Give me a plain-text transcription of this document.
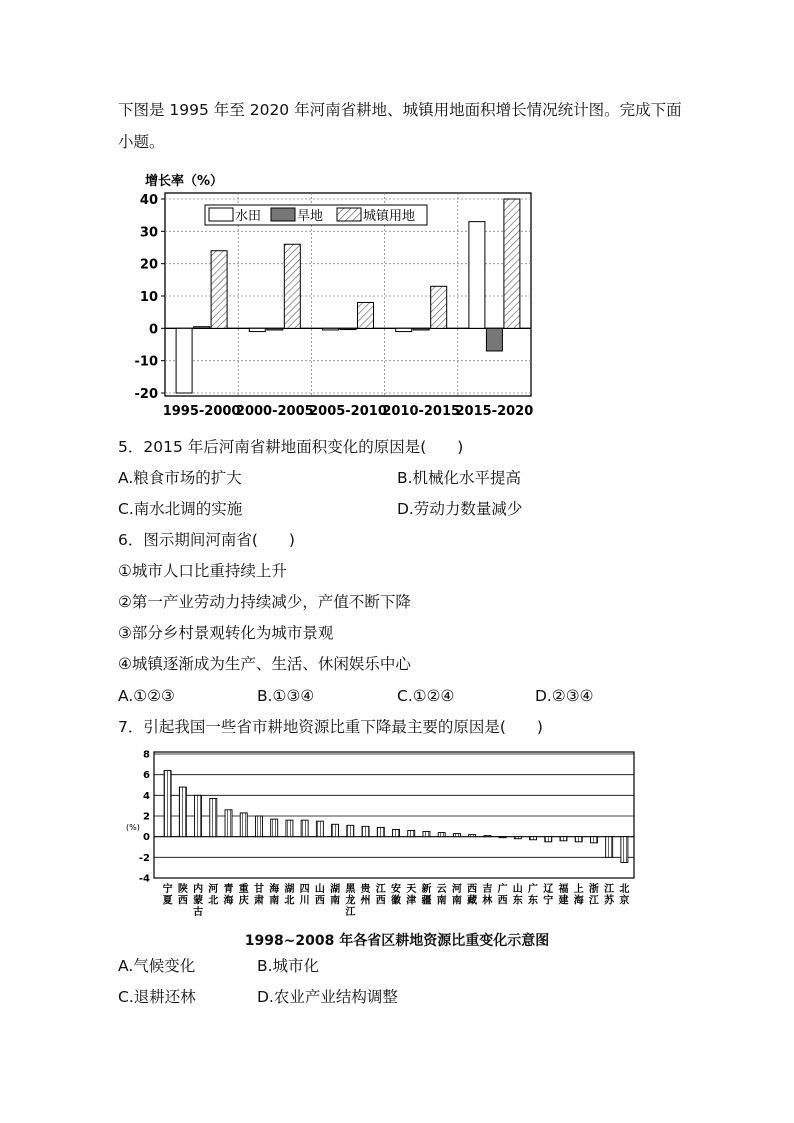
下图是 1995 年至 2020 年河南省耕地、城镇用地面积增长情况统计图。完成下面
小题。
增长率（%）
-20
-10
0
10
20
30
40
1995-2000
2000-2005
2005-2010
2010-2015
2015-2020
水田	旱地	城镇用地
5．2015 年后河南省耕地面积变化的原因是(　　)
A.粮食市场的扩大	B.机械化水平提高
C.南水北调的实施	D.劳动力数量减少
6．图示期间河南省(　　)
①城市人口比重持续上升
②第一产业劳动力持续减少，产值不断下降
③部分乡村景观转化为城市景观
④城镇逐渐成为生产、生活、休闲娱乐中心
A.①②③	B.①③④	C.①②④	D.②③④
7．引起我国一些省市耕地资源比重下降最主要的原因是(　　)
(%)
-4
-2
0
2
4
6
8
宁夏
陕西
内蒙古
河北
青海
重庆
甘肃
海南
湖北
四川
山西
湖南
黑龙江
贵州
江西
安徽
天津
新疆
云南
河南
西藏
吉林
广西
山东
广东
辽宁
福建
上海
浙江
江苏
北京
1998~2008 年各省区耕地资源比重变化示意图
A.气候变化	B.城市化
C.退耕还林	D.农业产业结构调整
